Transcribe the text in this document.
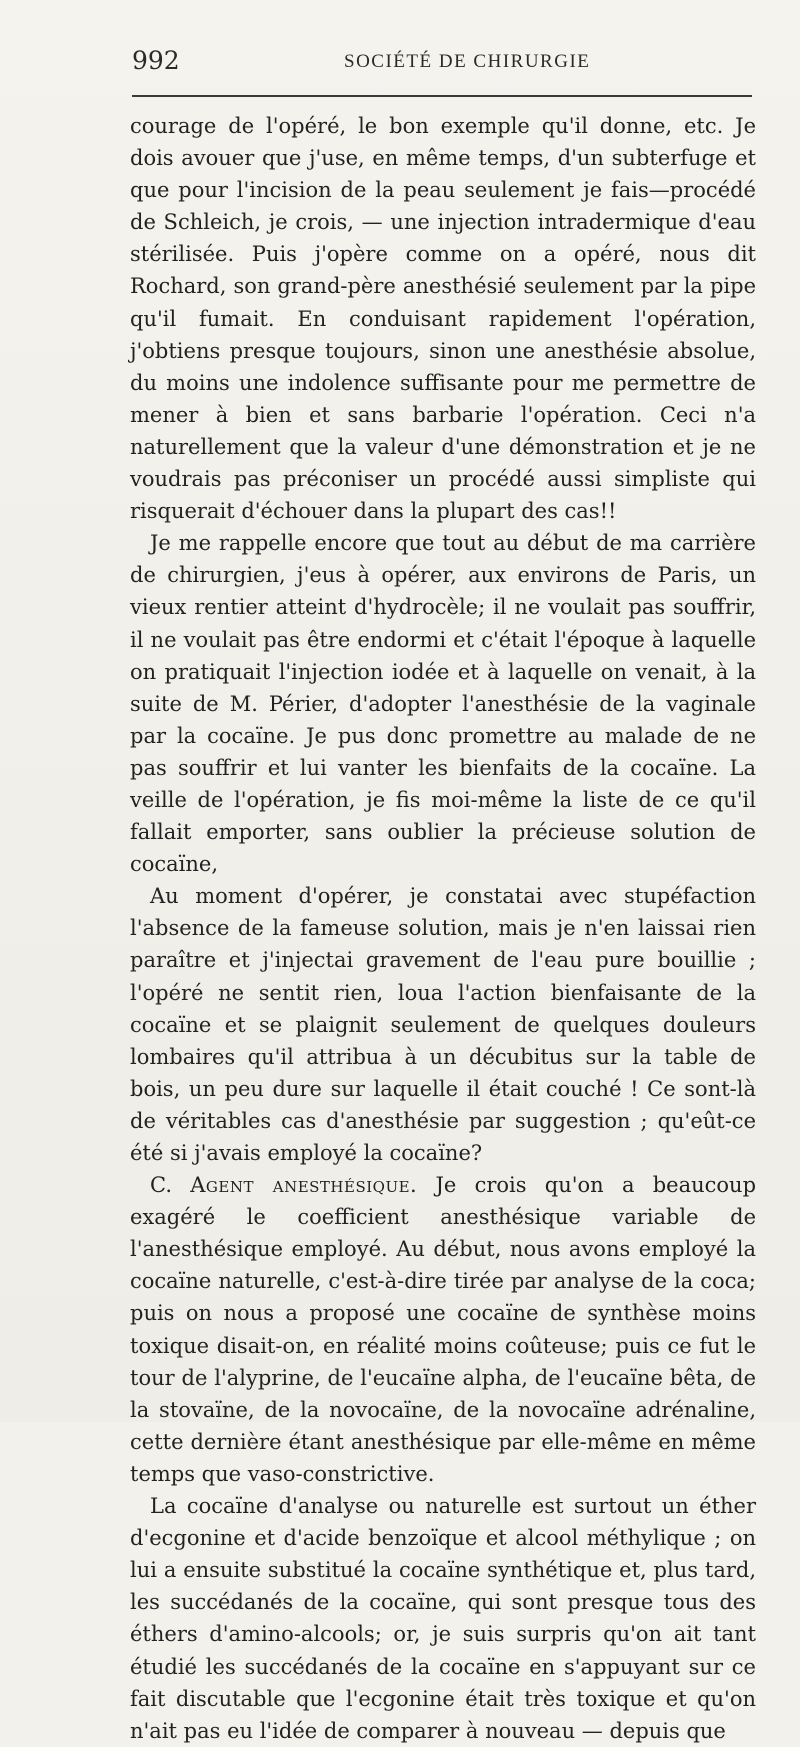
992	SOCIÉTÉ DE CHIRURGIE

courage de l'opéré, le bon exemple qu'il donne, etc. Je dois avouer que j'use, en même temps, d'un subterfuge et que pour l'incision de la peau seulement je fais—procédé de Schleich, je crois, — une injection intradermique d'eau stérilisée. Puis j'opère comme on a opéré, nous dit Rochard, son grand-père anesthésié seulement par la pipe qu'il fumait. En conduisant rapidement l'opération, j'obtiens presque toujours, sinon une anesthésie absolue, du moins une indolence suffisante pour me permettre de mener à bien et sans barbarie l'opération. Ceci n'a naturellement que la valeur d'une démonstration et je ne voudrais pas préconiser un procédé aussi simpliste qui risquerait d'échouer dans la plupart des cas!!

Je me rappelle encore que tout au début de ma carrière de chirurgien, j'eus à opérer, aux environs de Paris, un vieux rentier atteint d'hydrocèle; il ne voulait pas souffrir, il ne voulait pas être endormi et c'était l'époque à laquelle on pratiquait l'injection iodée et à laquelle on venait, à la suite de M. Périer, d'adopter l'anesthésie de la vaginale par la cocaïne. Je pus donc promettre au malade de ne pas souffrir et lui vanter les bienfaits de la cocaïne. La veille de l'opération, je fis moi-même la liste de ce qu'il fallait emporter, sans oublier la précieuse solution de cocaïne,

Au moment d'opérer, je constatai avec stupéfaction l'absence de la fameuse solution, mais je n'en laissai rien paraître et j'injectai gravement de l'eau pure bouillie ; l'opéré ne sentit rien, loua l'action bienfaisante de la cocaïne et se plaignit seulement de quelques douleurs lombaires qu'il attribua à un décubitus sur la table de bois, un peu dure sur laquelle il était couché ! Ce sont-là de véritables cas d'anesthésie par suggestion ; qu'eût-ce été si j'avais employé la cocaïne?

C. Agent anesthésique. Je crois qu'on a beaucoup exagéré le coefficient anesthésique variable de l'anesthésique employé. Au début, nous avons employé la cocaïne naturelle, c'est-à-dire tirée par analyse de la coca; puis on nous a proposé une cocaïne de synthèse moins toxique disait-on, en réalité moins coûteuse; puis ce fut le tour de l'alyprine, de l'eucaïne alpha, de l'eucaïne bêta, de la stovaïne, de la novocaïne, de la novocaïne adrénaline, cette dernière étant anesthésique par elle-même en même temps que vaso-constrictive.

La cocaïne d'analyse ou naturelle est surtout un éther d'ecgonine et d'acide benzoïque et alcool méthylique ; on lui a ensuite substitué la cocaïne synthétique et, plus tard, les succédanés de la cocaïne, qui sont presque tous des éthers d'amino-alcools; or, je suis surpris qu'on ait tant étudié les succédanés de la cocaïne en s'appuyant sur ce fait discutable que l'ecgonine était très toxique et qu'on n'ait pas eu l'idée de comparer à nouveau — depuis que
